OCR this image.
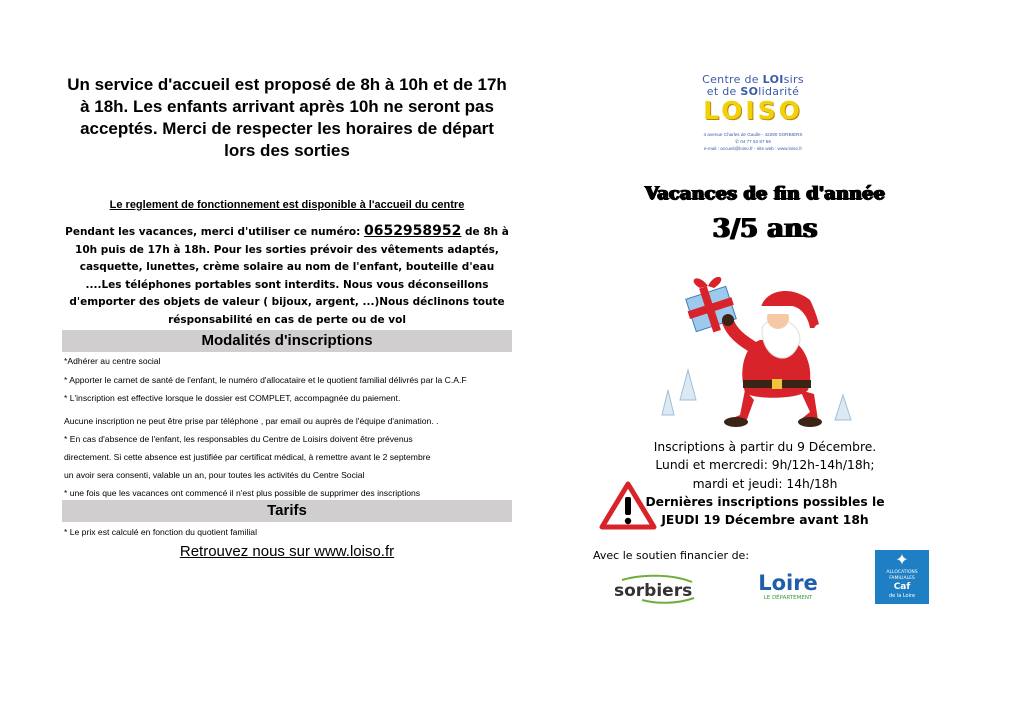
Un service d'accueil est proposé de 8h à 10h et de 17h
à 18h. Les enfants arrivant après 10h ne seront pas
acceptés. Merci de respecter les horaires de départ
lors des sorties
Le reglement de fonctionnement est disponible à l'accueil du centre
Pendant les vacances, merci d'utiliser ce numéro: 0652958952 de 8h à
10h puis de 17h à 18h. Pour les sorties prévoir des vêtements adaptés,
casquette, lunettes, crème solaire au nom de l'enfant, bouteille d'eau
....Les téléphones portables sont interdits. Nous vous déconseillons
d'emporter des objets de valeur ( bijoux, argent, ...)Nous déclinons toute
résponsabilité en cas de perte ou de vol
Modalités d'inscriptions
*Adhérer au centre social
* Apporter le carnet de santé de l'enfant, le numéro d'allocataire et le quotient familial délivrés par la C.A.F
* L'inscription est effective lorsque le dossier est COMPLET, accompagnée du paiement.
Aucune inscription ne peut être prise par téléphone , par email ou auprès de l'équipe d'animation. .
* En cas d'absence de l'enfant, les responsables du Centre de Loisirs doivent être prévenus
directement. Si cette absence est justifiée par certificat médical, à remettre avant le 2 septembre
un avoir sera consenti, valable un an, pour toutes les activités du Centre Social
* une fois que les vacances ont commencé il n'est plus possible de supprimer des inscriptions
Tarifs
* Le prix est calculé en fonction du quotient familial
Retrouvez nous sur www.loiso.fr
Centre de LOIsirs
et de SOlidarité
LOISO
4 avenue Charles de Gaulle - 42290 SORBIERS
✆ 04 77 53 87 66
e-mail : accueil@loiso.fr - site web : www.loiso.fr
Vacances de fin d'année
3/5 ans
Inscriptions à partir du 9 Décembre.
Lundi et mercredi: 9h/12h-14h/18h;
mardi et jeudi: 14h/18h
Dernières inscriptions possibles le
JEUDI 19 Décembre avant 18h
Avec le soutien financier de:
sorbiers	Loire
LE DÉPARTEMENT
✦
ALLOCATIONS
FAMILIALES
Caf
de la Loire
